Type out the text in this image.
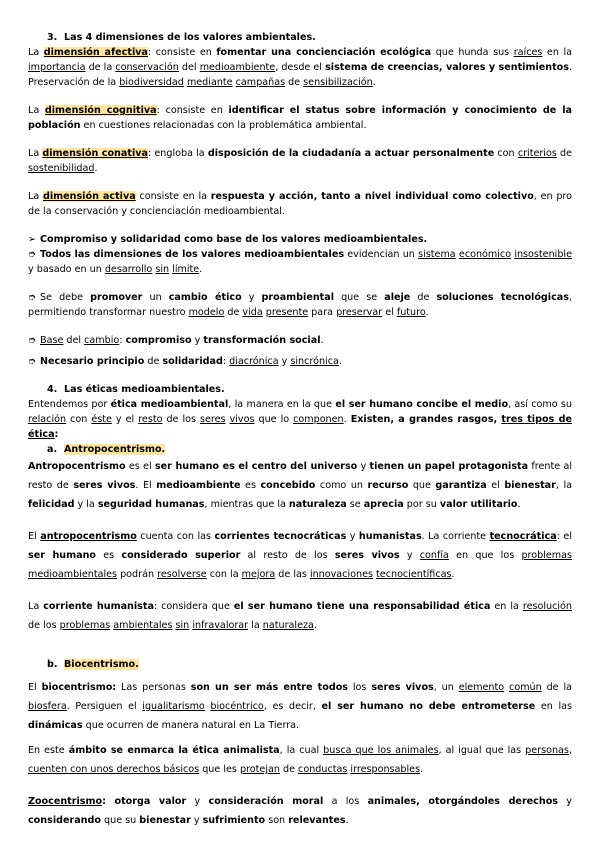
3. Las 4 dimensiones de los valores ambientales.

La dimensión afectiva: consiste en fomentar una concienciación ecológica que hunda sus raíces en la importancia de la conservación del medioambiente, desde el sistema de creencias, valores y sentimientos. Preservación de la biodiversidad mediante campañas de sensibilización.

La dimensión cognitiva: consiste en identificar el status sobre información y conocimiento de la población en cuestiones relacionadas con la problemática ambiental.

La dimensión conativa: engloba la disposición de la ciudadanía a actuar personalmente con criterios de sostenibilidad.

La dimensión activa consiste en la respuesta y acción, tanto a nivel individual como colectivo, en pro de la conservación y concienciación medioambiental.

➢ Compromiso y solidaridad como base de los valores medioambientales.

➮ Todos las dimensiones de los valores medioambientales evidencian un sistema económico insostenible y basado en un desarrollo sin límite.

➮ Se debe promover un cambio ético y proambiental que se aleje de soluciones tecnológicas, permitiendo transformar nuestro modelo de vida presente para preservar el futuro.

➮ Base del cambio: compromiso y transformación social.

➮ Necesario principio de solidaridad: diacrónica y sincrónica.

4. Las éticas medioambientales.

Entendemos por ética medioambiental, la manera en la que el ser humano concibe el medio, así como su relación con éste y el resto de los seres vivos que lo componen. Existen, a grandes rasgos, tres tipos de ética:

a. Antropocentrismo.

Antropocentrismo es el ser humano es el centro del universo y tienen un papel protagonista frente al resto de seres vivos. El medioambiente es concebido como un recurso que garantiza el bienestar, la felicidad y la seguridad humanas, mientras que la naturaleza se aprecia por su valor utilitario.

El antropocentrismo cuenta con las corrientes tecnocráticas y humanistas. La corriente tecnocrática: el ser humano es considerado superior al resto de los seres vivos y confía en que los problemas medioambientales podrán resolverse con la mejora de las innovaciones tecnocientíficas.

La corriente humanista: considera que el ser humano tiene una responsabilidad ética en la resolución de los problemas ambientales sin infravalorar la naturaleza.

b. Biocentrismo.

El biocentrismo: Las personas son un ser más entre todos los seres vivos, un elemento común de la biosfera. Persiguen el igualitarismo biocéntrico, es decir, el ser humano no debe entrometerse en las dinámicas que ocurren de manera natural en La Tierra.

En este ámbito se enmarca la ética animalista, la cual busca que los animales, al igual que las personas, cuenten con unos derechos básicos que les protejan de conductas irresponsables.

Zoocentrismo: otorga valor y consideración moral a los animales, otorgándoles derechos y considerando que su bienestar y sufrimiento son relevantes.
